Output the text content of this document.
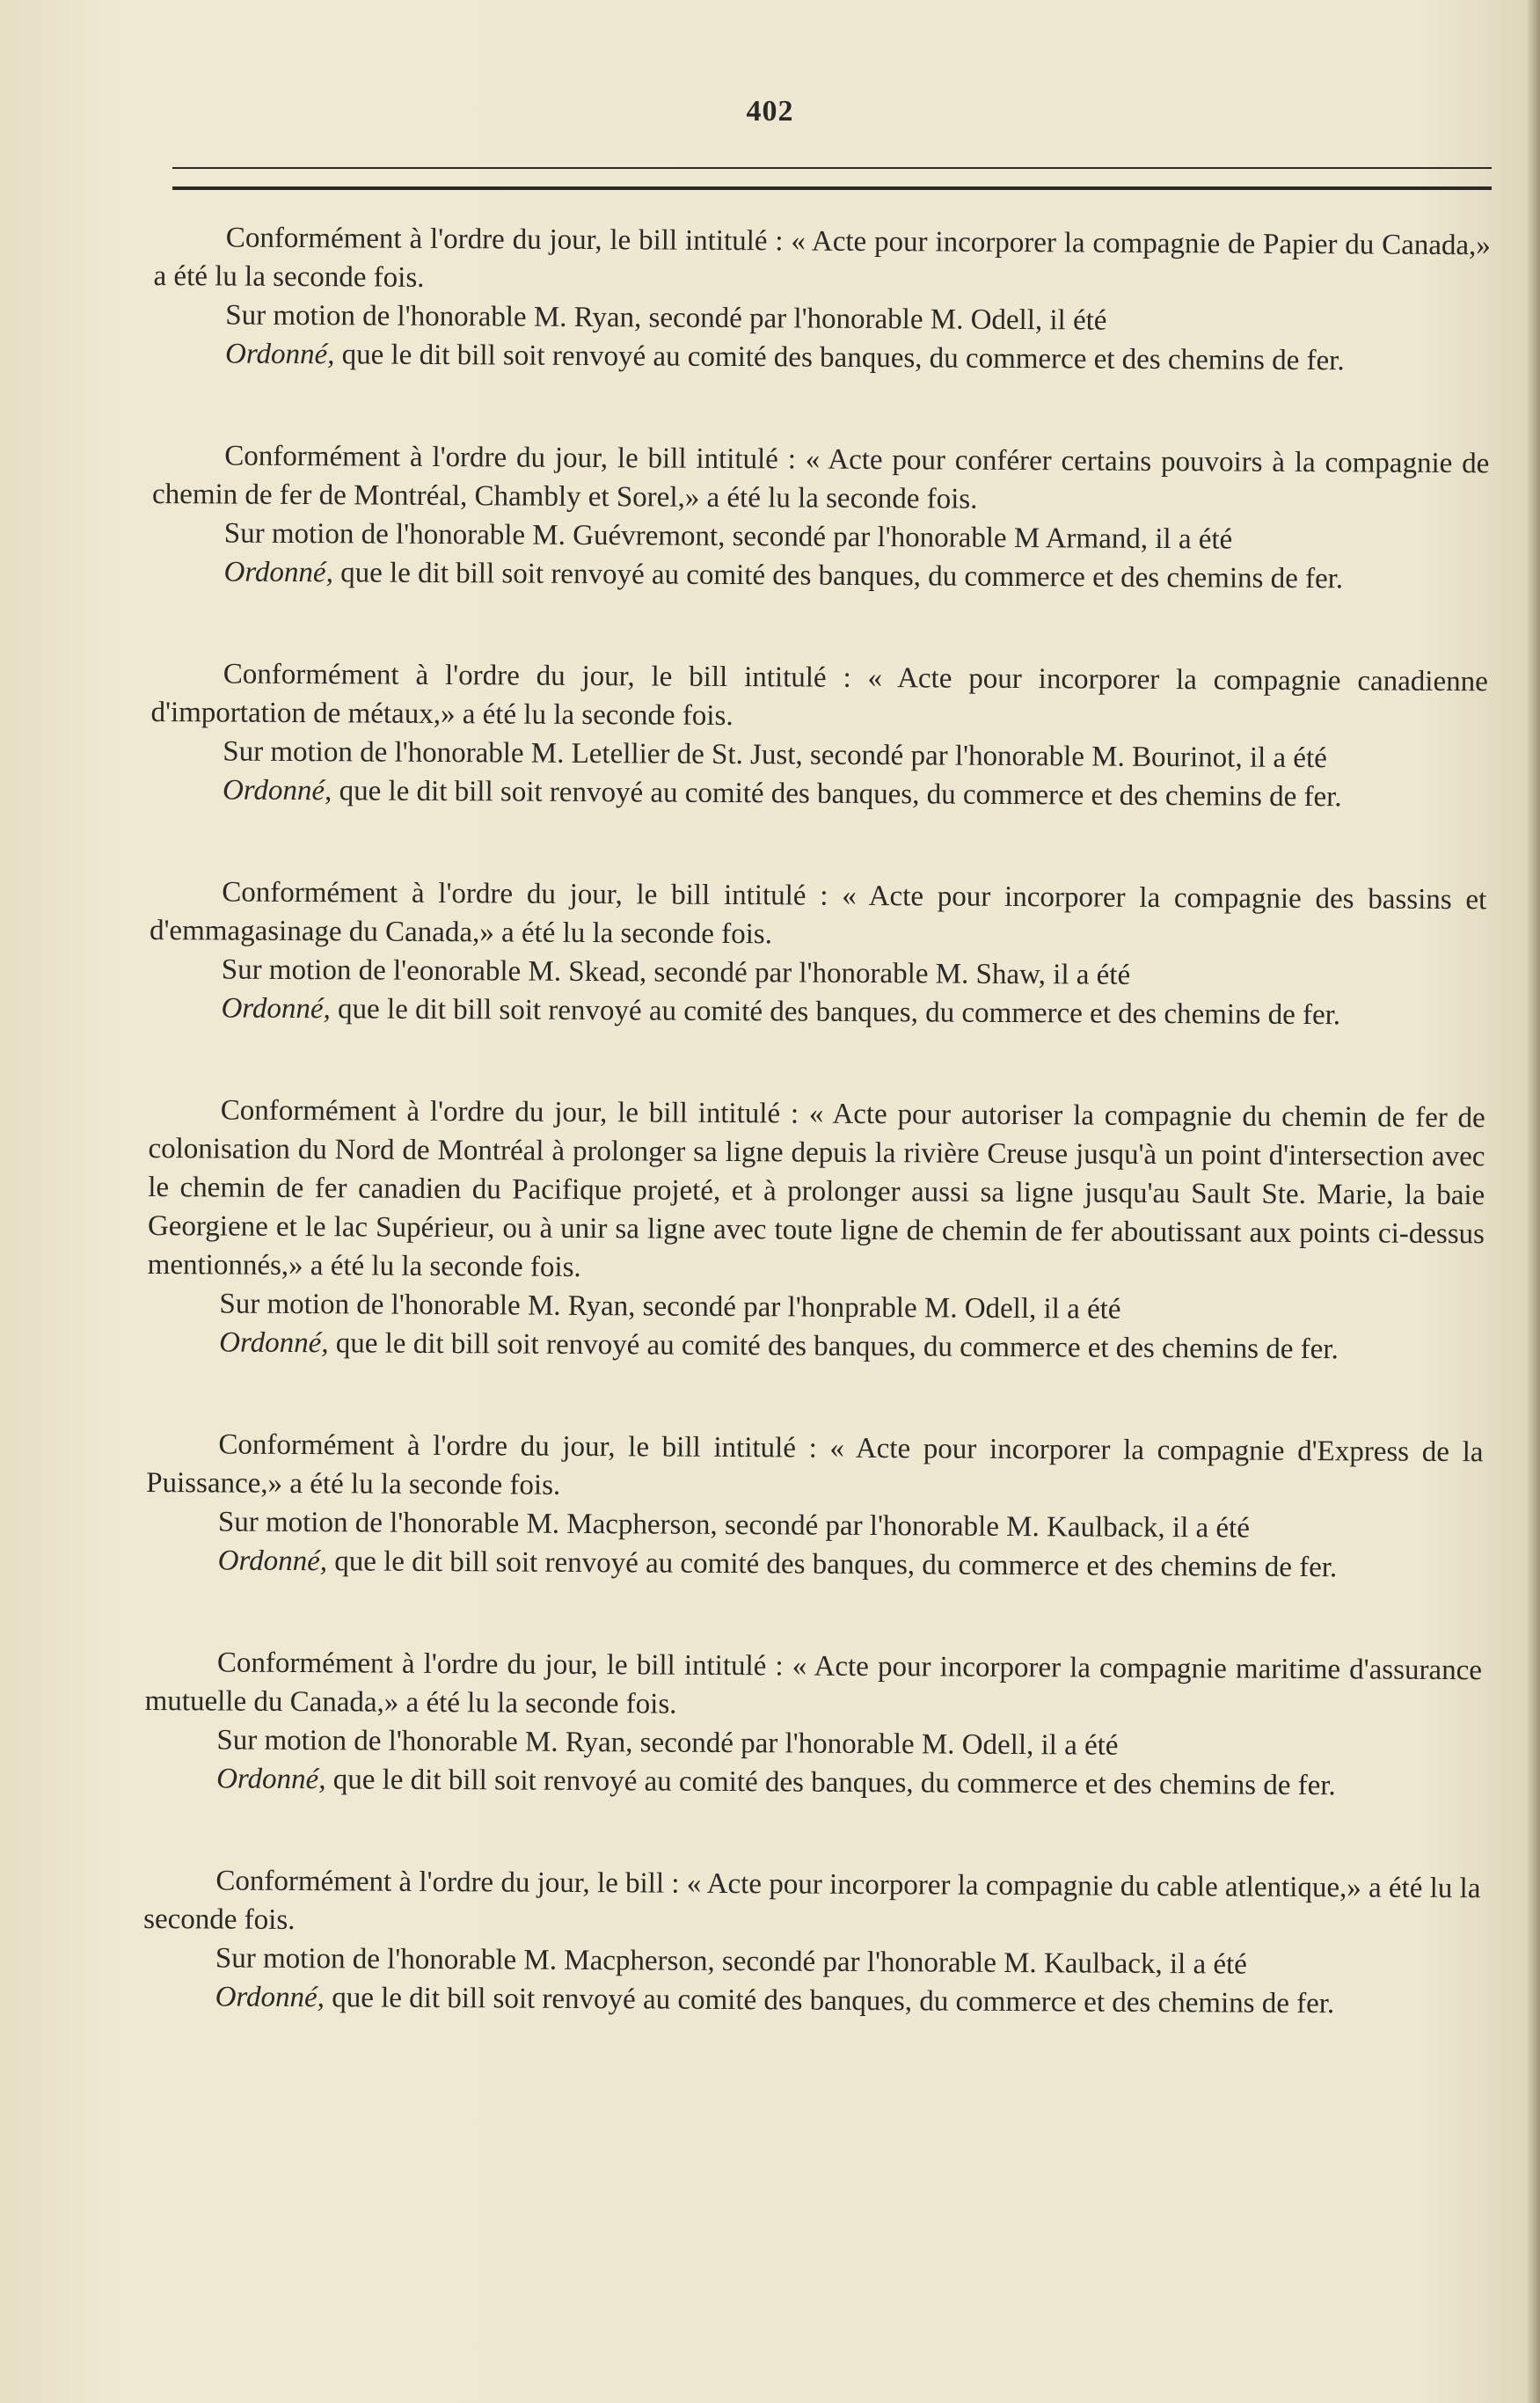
402

Conformément à l'ordre du jour, le bill intitulé : « Acte pour incorporer la compagnie de Papier du Canada,» a été lu la seconde fois.

Sur motion de l'honorable M. Ryan, secondé par l'honorable M. Odell, il été

Ordonné, que le dit bill soit renvoyé au comité des banques, du commerce et des chemins de fer.

Conformément à l'ordre du jour, le bill intitulé : « Acte pour conférer certains pouvoirs à la compagnie de chemin de fer de Montréal, Chambly et Sorel,» a été lu la seconde fois.

Sur motion de l'honorable M. Guévremont, secondé par l'honorable M Armand, il a été

Ordonné, que le dit bill soit renvoyé au comité des banques, du commerce et des chemins de fer.

Conformément à l'ordre du jour, le bill intitulé : « Acte pour incorporer la compagnie canadienne d'importation de métaux,» a été lu la seconde fois.

Sur motion de l'honorable M. Letellier de St. Just, secondé par l'honorable M. Bourinot, il a été

Ordonné, que le dit bill soit renvoyé au comité des banques, du commerce et des chemins de fer.

Conformément à l'ordre du jour, le bill intitulé : « Acte pour incorporer la compagnie des bassins et d'emmagasinage du Canada,» a été lu la seconde fois.

Sur motion de l'eonorable M. Skead, secondé par l'honorable M. Shaw, il a été

Ordonné, que le dit bill soit renvoyé au comité des banques, du commerce et des chemins de fer.

Conformément à l'ordre du jour, le bill intitulé : « Acte pour autoriser la compagnie du chemin de fer de colonisation du Nord de Montréal à prolonger sa ligne depuis la rivière Creuse jusqu'à un point d'intersection avec le chemin de fer canadien du Pacifique projeté, et à prolonger aussi sa ligne jusqu'au Sault Ste. Marie, la baie Georgiene et le lac Supérieur, ou à unir sa ligne avec toute ligne de chemin de fer aboutissant aux points ci-dessus mentionnés,» a été lu la seconde fois.

Sur motion de l'honorable M. Ryan, secondé par l'honprable M. Odell, il a été

Ordonné, que le dit bill soit renvoyé au comité des banques, du commerce et des chemins de fer.

Conformément à l'ordre du jour, le bill intitulé : « Acte pour incorporer la compagnie d'Express de la Puissance,» a été lu la seconde fois.

Sur motion de l'honorable M. Macpherson, secondé par l'honorable M. Kaulback, il a été

Ordonné, que le dit bill soit renvoyé au comité des banques, du commerce et des chemins de fer.

Conformément à l'ordre du jour, le bill intitulé : « Acte pour incorporer la compagnie maritime d'assurance mutuelle du Canada,» a été lu la seconde fois.

Sur motion de l'honorable M. Ryan, secondé par l'honorable M. Odell, il a été

Ordonné, que le dit bill soit renvoyé au comité des banques, du commerce et des chemins de fer.

Conformément à l'ordre du jour, le bill : « Acte pour incorporer la compagnie du cable atlentique,» a été lu la seconde fois.

Sur motion de l'honorable M. Macpherson, secondé par l'honorable M. Kaulback, il a été

Ordonné, que le dit bill soit renvoyé au comité des banques, du commerce et des chemins de fer.
